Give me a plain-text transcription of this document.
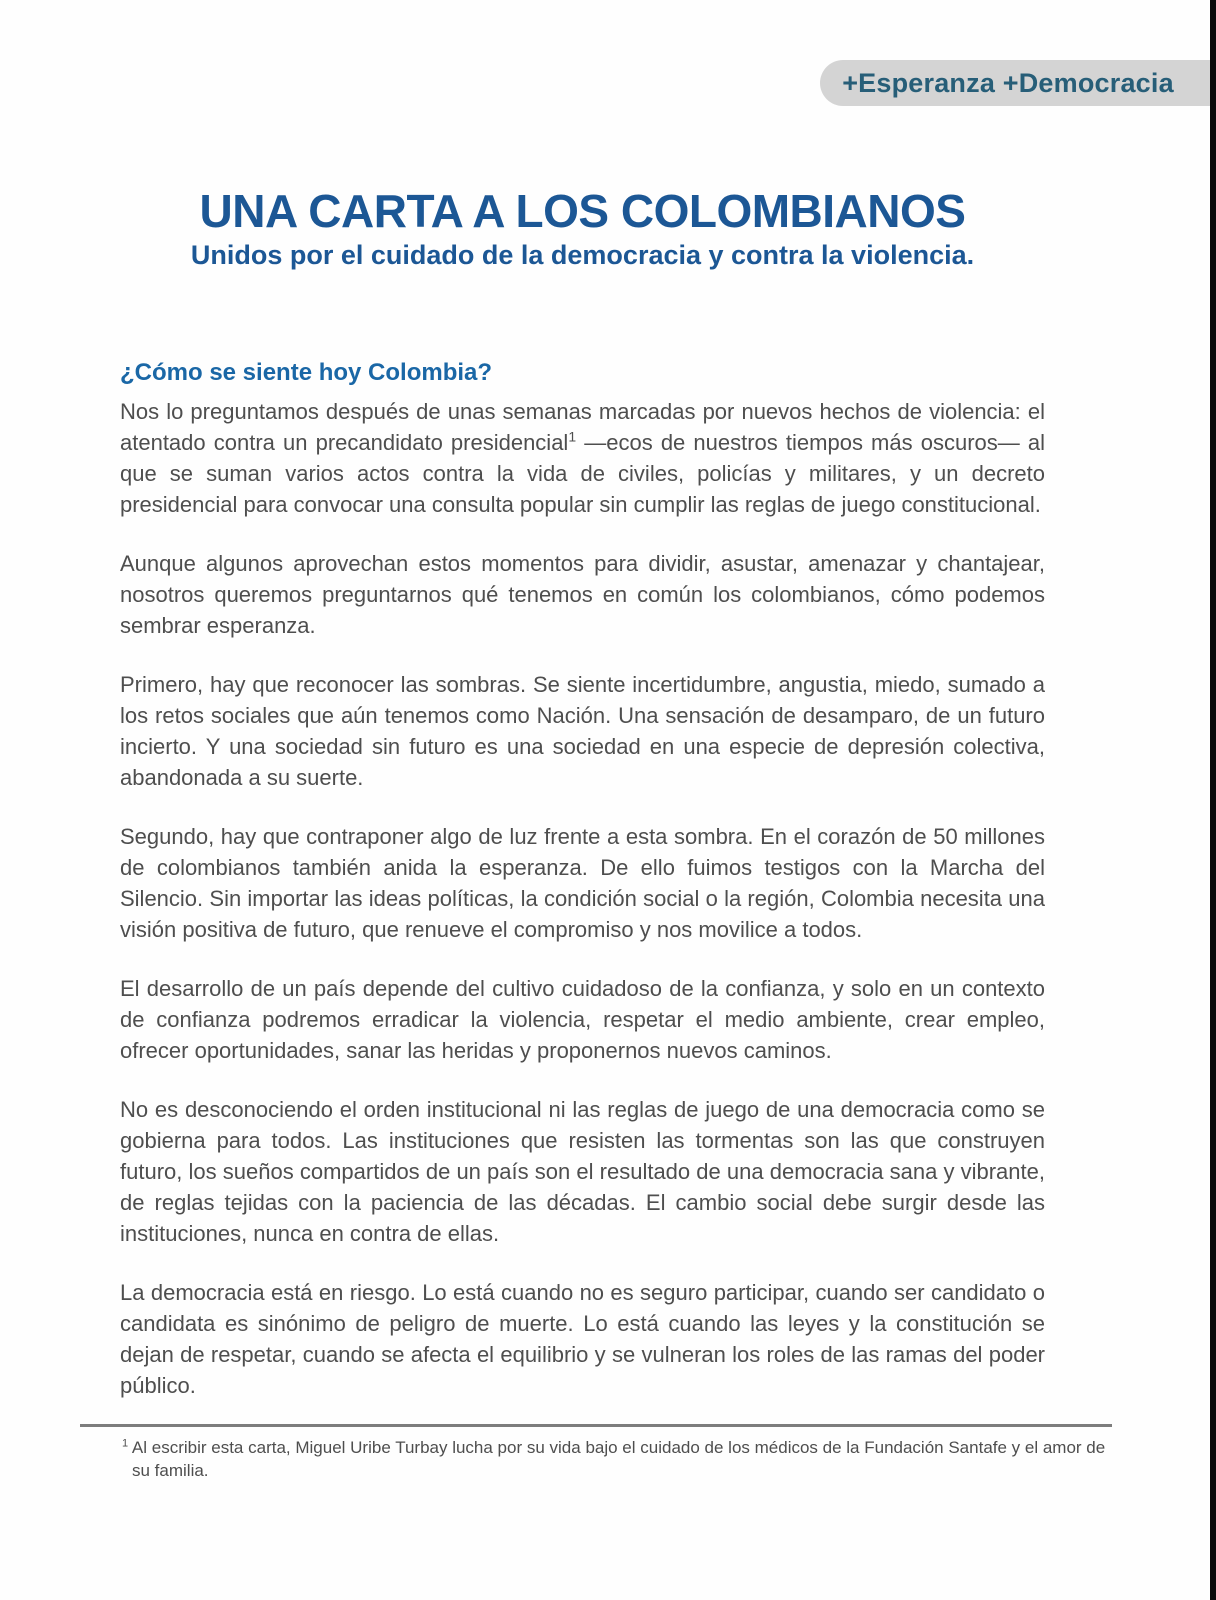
+Esperanza +Democracia
UNA CARTA A LOS COLOMBIANOS
Unidos por el cuidado de la democracia y contra la violencia.
¿Cómo se siente hoy Colombia?

Nos lo preguntamos después de unas semanas marcadas por nuevos hechos de violencia: el atentado contra un precandidato presidencial$^1$ —ecos de nuestros tiempos más oscuros— al que se suman varios actos contra la vida de civiles, policías y militares, y un decreto presidencial para convocar una consulta popular sin cumplir las reglas de juego constitucional.

Aunque algunos aprovechan estos momentos para dividir, asustar, amenazar y chantajear, nosotros queremos preguntarnos qué tenemos en común los colombianos, cómo podemos sembrar esperanza.

Primero, hay que reconocer las sombras. Se siente incertidumbre, angustia, miedo, sumado a los retos sociales que aún tenemos como Nación. Una sensación de desamparo, de un futuro incierto. Y una sociedad sin futuro es una sociedad en una especie de depresión colectiva, abandonada a su suerte.

Segundo, hay que contraponer algo de luz frente a esta sombra. En el corazón de 50 millones de colombianos también anida la esperanza. De ello fuimos testigos con la Marcha del Silencio. Sin importar las ideas políticas, la condición social o la región, Colombia necesita una visión positiva de futuro, que renueve el compromiso y nos movilice a todos.

El desarrollo de un país depende del cultivo cuidadoso de la confianza, y solo en un contexto de confianza podremos erradicar la violencia, respetar el medio ambiente, crear empleo, ofrecer oportunidades, sanar las heridas y proponernos nuevos caminos.

No es desconociendo el orden institucional ni las reglas de juego de una democracia como se gobierna para todos. Las instituciones que resisten las tormentas son las que construyen futuro, los sueños compartidos de un país son el resultado de una democracia sana y vibrante, de reglas tejidas con la paciencia de las décadas. El cambio social debe surgir desde las instituciones, nunca en contra de ellas.

La democracia está en riesgo. Lo está cuando no es seguro participar, cuando ser candidato o candidata es sinónimo de peligro de muerte. Lo está cuando las leyes y la constitución se dejan de respetar, cuando se afecta el equilibrio y se vulneran los roles de las ramas del poder público.

$^1$ Al escribir esta carta, Miguel Uribe Turbay lucha por su vida bajo el cuidado de los médicos de la Fundación Santafe y el amor de su familia.
